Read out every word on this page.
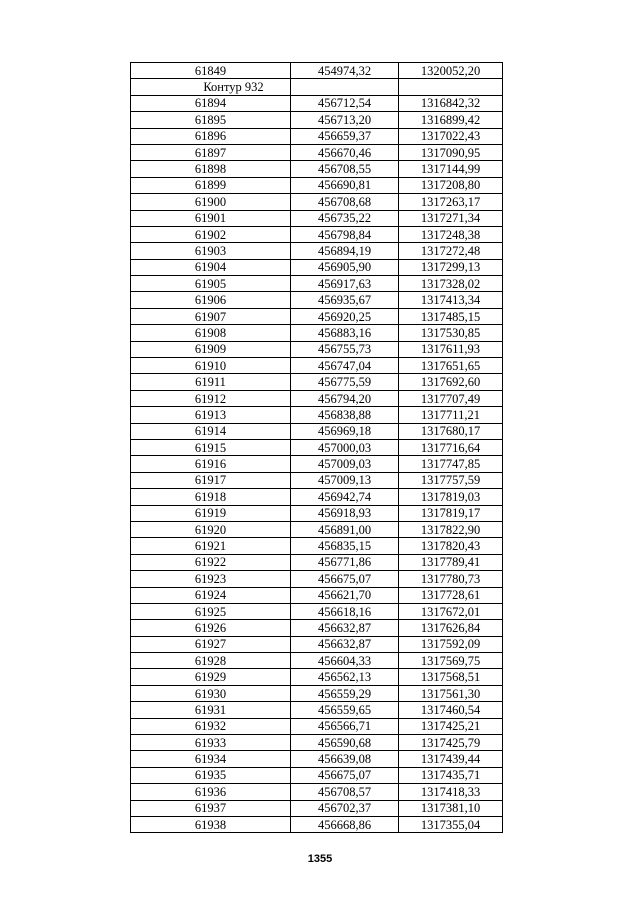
61849	454974,32	1320052,20
Контур 932		
61894	456712,54	1316842,32
61895	456713,20	1316899,42
61896	456659,37	1317022,43
61897	456670,46	1317090,95
61898	456708,55	1317144,99
61899	456690,81	1317208,80
61900	456708,68	1317263,17
61901	456735,22	1317271,34
61902	456798,84	1317248,38
61903	456894,19	1317272,48
61904	456905,90	1317299,13
61905	456917,63	1317328,02
61906	456935,67	1317413,34
61907	456920,25	1317485,15
61908	456883,16	1317530,85
61909	456755,73	1317611,93
61910	456747,04	1317651,65
61911	456775,59	1317692,60
61912	456794,20	1317707,49
61913	456838,88	1317711,21
61914	456969,18	1317680,17
61915	457000,03	1317716,64
61916	457009,03	1317747,85
61917	457009,13	1317757,59
61918	456942,74	1317819,03
61919	456918,93	1317819,17
61920	456891,00	1317822,90
61921	456835,15	1317820,43
61922	456771,86	1317789,41
61923	456675,07	1317780,73
61924	456621,70	1317728,61
61925	456618,16	1317672,01
61926	456632,87	1317626,84
61927	456632,87	1317592,09
61928	456604,33	1317569,75
61929	456562,13	1317568,51
61930	456559,29	1317561,30
61931	456559,65	1317460,54
61932	456566,71	1317425,21
61933	456590,68	1317425,79
61934	456639,08	1317439,44
61935	456675,07	1317435,71
61936	456708,57	1317418,33
61937	456702,37	1317381,10
61938	456668,86	1317355,04
1355
